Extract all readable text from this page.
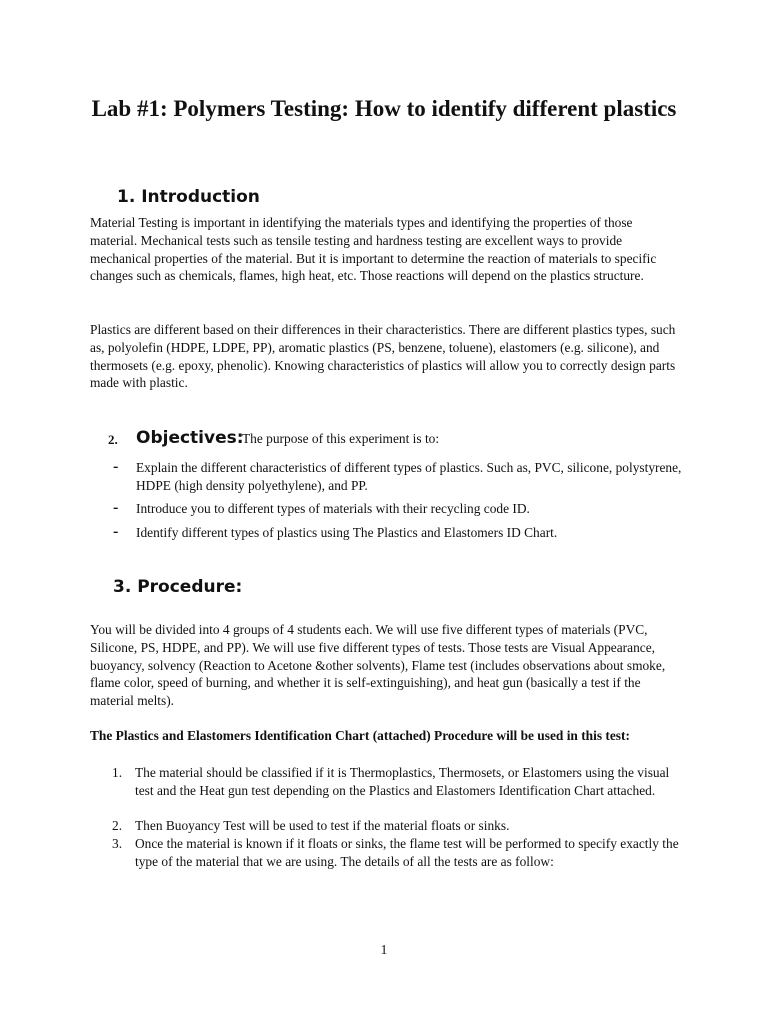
Lab #1: Polymers Testing: How to identify different plastics
1. Introduction
Material Testing is important in identifying the materials types and identifying the properties of those material. Mechanical tests such as tensile testing and hardness testing are excellent ways to provide mechanical properties of the material. But it is important to determine the reaction of materials to specific changes such as chemicals, flames, high heat, etc. Those reactions will depend on the plastics structure.
Plastics are different based on their differences in their characteristics. There are different plastics types, such as, polyolefin (HDPE, LDPE, PP), aromatic plastics (PS, benzene, toluene), elastomers (e.g. silicone), and thermosets (e.g. epoxy, phenolic). Knowing characteristics of plastics will allow you to correctly design parts made with plastic.
2. Objectives:
The purpose of this experiment is to:
- Explain the different characteristics of different types of plastics. Such as, PVC, silicone, polystyrene, HDPE (high density polyethylene), and PP.
- Introduce you to different types of materials with their recycling code ID.
- Identify different types of plastics using The Plastics and Elastomers ID Chart.
3. Procedure:
You will be divided into 4 groups of 4 students each. We will use five different types of materials (PVC, Silicone, PS, HDPE, and PP). We will use five different types of tests. Those tests are Visual Appearance, buoyancy, solvency (Reaction to Acetone &other solvents), Flame test (includes observations about smoke, flame color, speed of burning, and whether it is self-extinguishing), and heat gun (basically a test if the material melts).
The Plastics and Elastomers Identification Chart (attached) Procedure will be used in this test:
1. The material should be classified if it is Thermoplastics, Thermosets, or Elastomers using the visual test and the Heat gun test depending on the Plastics and Elastomers Identification Chart attached.
2. Then Buoyancy Test will be used to test if the material floats or sinks.
3. Once the material is known if it floats or sinks, the flame test will be performed to specify exactly the type of the material that we are using. The details of all the tests are as follow:
1
